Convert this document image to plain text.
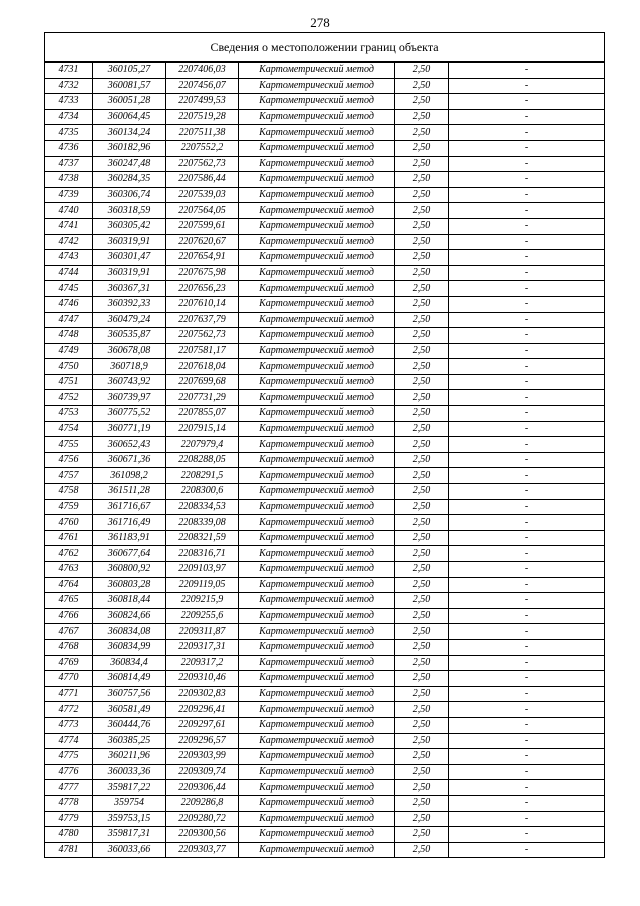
278
Сведения о местоположении границ объекта					
4731	360105,27	2207406,03	Картометрический метод	2,50	-
4732	360081,57	2207456,07	Картометрический метод	2,50	-
4733	360051,28	2207499,53	Картометрический метод	2,50	-
4734	360064,45	2207519,28	Картометрический метод	2,50	-
4735	360134,24	2207511,38	Картометрический метод	2,50	-
4736	360182,96	2207552,2	Картометрический метод	2,50	-
4737	360247,48	2207562,73	Картометрический метод	2,50	-
4738	360284,35	2207586,44	Картометрический метод	2,50	-
4739	360306,74	2207539,03	Картометрический метод	2,50	-
4740	360318,59	2207564,05	Картометрический метод	2,50	-
4741	360305,42	2207599,61	Картометрический метод	2,50	-
4742	360319,91	2207620,67	Картометрический метод	2,50	-
4743	360301,47	2207654,91	Картометрический метод	2,50	-
4744	360319,91	2207675,98	Картометрический метод	2,50	-
4745	360367,31	2207656,23	Картометрический метод	2,50	-
4746	360392,33	2207610,14	Картометрический метод	2,50	-
4747	360479,24	2207637,79	Картометрический метод	2,50	-
4748	360535,87	2207562,73	Картометрический метод	2,50	-
4749	360678,08	2207581,17	Картометрический метод	2,50	-
4750	360718,9	2207618,04	Картометрический метод	2,50	-
4751	360743,92	2207699,68	Картометрический метод	2,50	-
4752	360739,97	2207731,29	Картометрический метод	2,50	-
4753	360775,52	2207855,07	Картометрический метод	2,50	-
4754	360771,19	2207915,14	Картометрический метод	2,50	-
4755	360652,43	2207979,4	Картометрический метод	2,50	-
4756	360671,36	2208288,05	Картометрический метод	2,50	-
4757	361098,2	2208291,5	Картометрический метод	2,50	-
4758	361511,28	2208300,6	Картометрический метод	2,50	-
4759	361716,67	2208334,53	Картометрический метод	2,50	-
4760	361716,49	2208339,08	Картометрический метод	2,50	-
4761	361183,91	2208321,59	Картометрический метод	2,50	-
4762	360677,64	2208316,71	Картометрический метод	2,50	-
4763	360800,92	2209103,97	Картометрический метод	2,50	-
4764	360803,28	2209119,05	Картометрический метод	2,50	-
4765	360818,44	2209215,9	Картометрический метод	2,50	-
4766	360824,66	2209255,6	Картометрический метод	2,50	-
4767	360834,08	2209311,87	Картометрический метод	2,50	-
4768	360834,99	2209317,31	Картометрический метод	2,50	-
4769	360834,4	2209317,2	Картометрический метод	2,50	-
4770	360814,49	2209310,46	Картометрический метод	2,50	-
4771	360757,56	2209302,83	Картометрический метод	2,50	-
4772	360581,49	2209296,41	Картометрический метод	2,50	-
4773	360444,76	2209297,61	Картометрический метод	2,50	-
4774	360385,25	2209296,57	Картометрический метод	2,50	-
4775	360211,96	2209303,99	Картометрический метод	2,50	-
4776	360033,36	2209309,74	Картометрический метод	2,50	-
4777	359817,22	2209306,44	Картометрический метод	2,50	-
4778	359754	2209286,8	Картометрический метод	2,50	-
4779	359753,15	2209280,72	Картометрический метод	2,50	-
4780	359817,31	2209300,56	Картометрический метод	2,50	-
4781	360033,66	2209303,77	Картометрический метод	2,50	-
